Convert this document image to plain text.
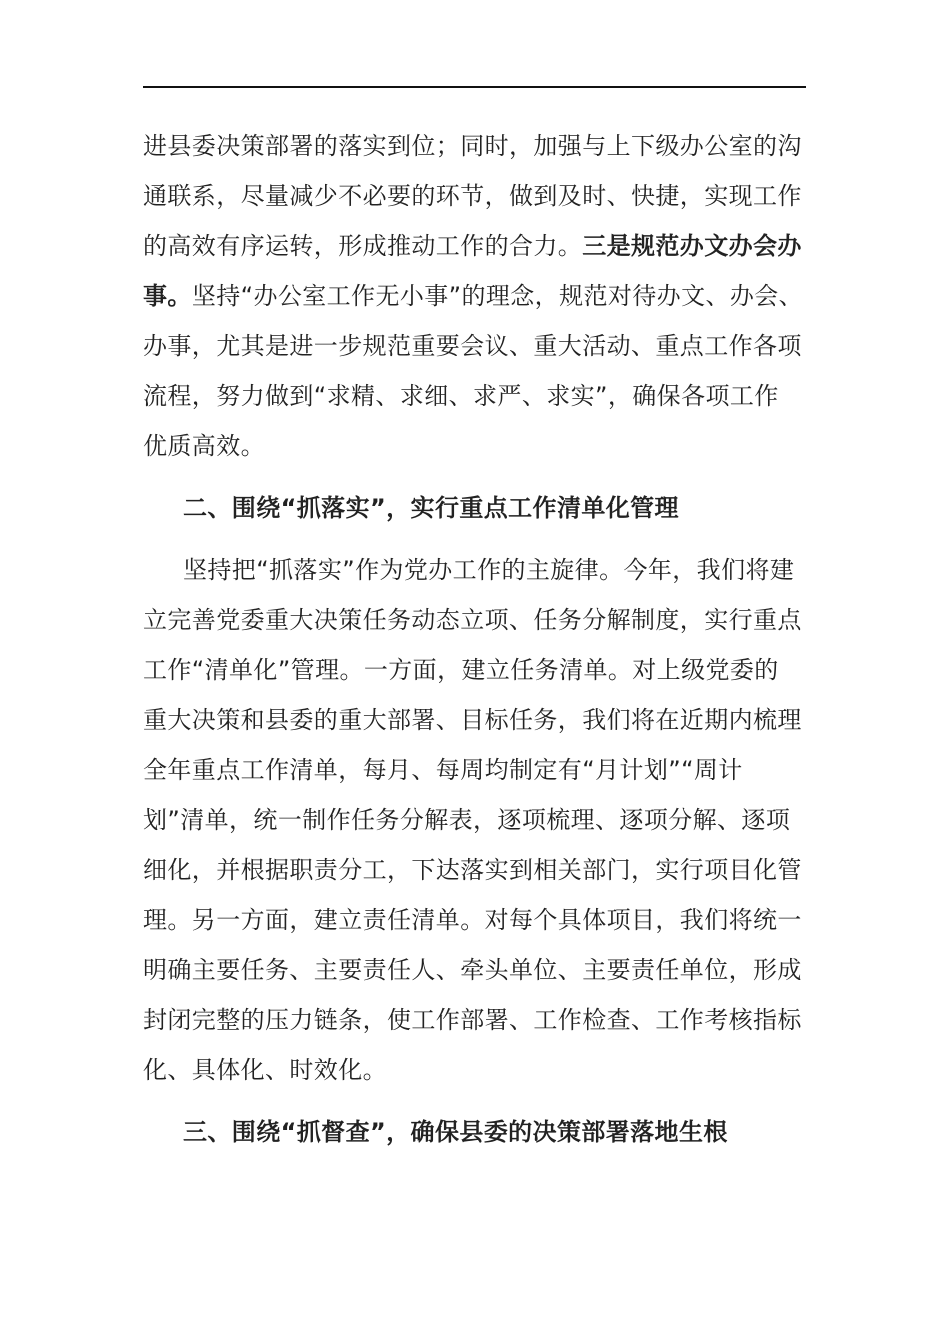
进县委决策部署的落实到位；同时，加强与上下级办公室的沟
通联系，尽量减少不必要的环节，做到及时、快捷，实现工作
的高效有序运转，形成推动工作的合力。三是规范办文办会办
事。坚持“办公室工作无小事”的理念，规范对待办文、办会、
办事，尤其是进一步规范重要会议、重大活动、重点工作各项
流程，努力做到“求精、求细、求严、求实”，确保各项工作
优质高效。

二、围绕“抓落实”，实行重点工作清单化管理

坚持把“抓落实”作为党办工作的主旋律。今年，我们将建
立完善党委重大决策任务动态立项、任务分解制度，实行重点
工作“清单化”管理。一方面，建立任务清单。对上级党委的
重大决策和县委的重大部署、目标任务，我们将在近期内梳理
全年重点工作清单，每月、每周均制定有“月计划”“周计
划”清单，统一制作任务分解表，逐项梳理、逐项分解、逐项
细化，并根据职责分工，下达落实到相关部门，实行项目化管
理。另一方面，建立责任清单。对每个具体项目，我们将统一
明确主要任务、主要责任人、牵头单位、主要责任单位，形成
封闭完整的压力链条，使工作部署、工作检查、工作考核指标
化、具体化、时效化。

三、围绕“抓督查”，确保县委的决策部署落地生根
